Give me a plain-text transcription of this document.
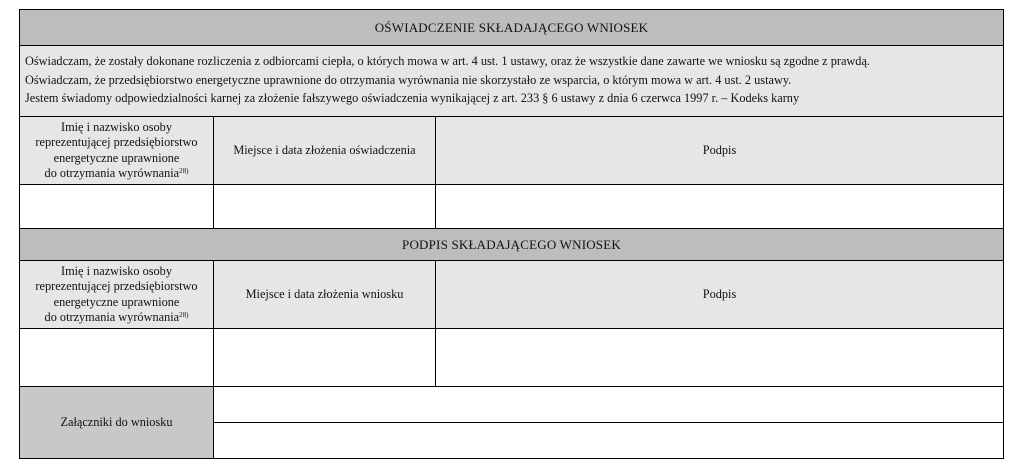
OŚWIADCZENIE SKŁADAJĄCEGO WNIOSEK
Oświadczam, że zostały dokonane rozliczenia z odbiorcami ciepła, o których mowa w art. 4 ust. 1 ustawy, oraz że wszystkie dane zawarte we wniosku są zgodne z prawdą.
Oświadczam, że przedsiębiorstwo energetyczne uprawnione do otrzymania wyrównania nie skorzystało ze wsparcia, o którym mowa w art. 4 ust. 2 ustawy.
Jestem świadomy odpowiedzialności karnej za złożenie fałszywego oświadczenia wynikającej z art. 233 § 6 ustawy z dnia 6 czerwca 1997 r. – Kodeks karny
Imię i nazwisko osoby
reprezentującej przedsiębiorstwo
energetyczne uprawnione
do otrzymania wyrównania$^{28)}$
Miejsce i data złożenia oświadczenia	Podpis
PODPIS SKŁADAJĄCEGO WNIOSEK
Imię i nazwisko osoby
reprezentującej przedsiębiorstwo
energetyczne uprawnione
do otrzymania wyrównania$^{28)}$
Miejsce i data złożenia wniosku	Podpis
Załączniki do wniosku
